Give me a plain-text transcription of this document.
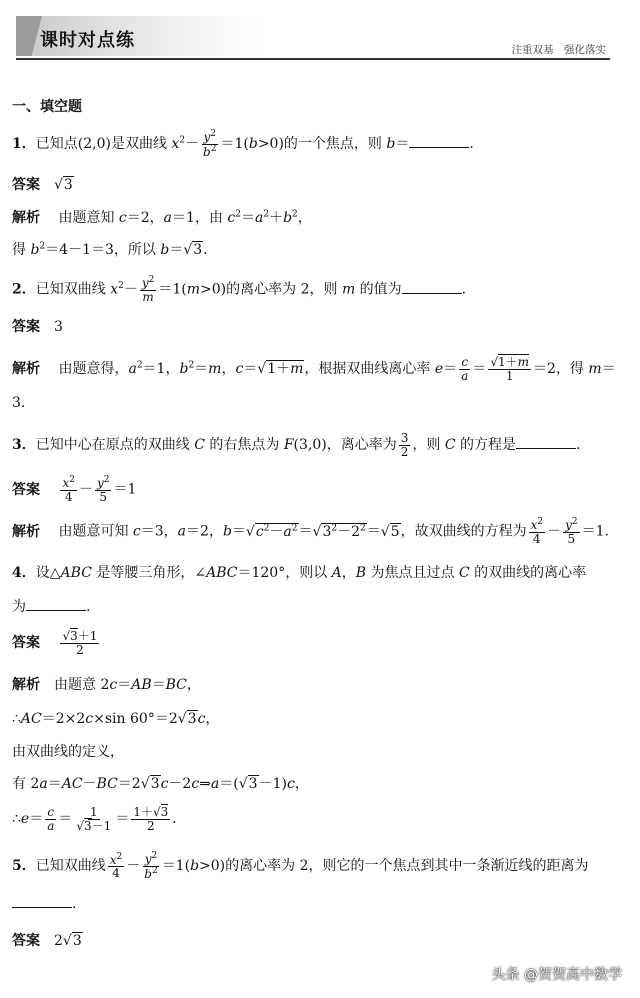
课时对点练	注重双基　强化落实
一、填空题
1．已知点(2,0)是双曲线 $x^2- \frac{y^2}{b^2} =1(b>0)$的一个焦点，则 b＝	.
答案 √3
解析 由题意知 c＝2，a＝1，由 $c^2=a^2+b^2$，
得 $b^2=4-1=3$，所以 b＝√3.
2．已知双曲线 $x^2- \frac{y^2}{m} =1(m>0)$的离心率为 2，则 m 的值为	.
答案 3
解析 由题意得，$a^2=1$，$b^2=m$，c＝√1＋m，根据双曲线离心率 $e= \frac{c}{a} = \frac{√1+m}{1} =2$，得 m＝
3.
3．已知中心在原点的双曲线 C 的右焦点为 F(3,0)，离心率为 $\frac{3}{2}$ ，则 C 的方程是	.
答案 $\frac{x^2}{4} - \frac{y^2}{5} =1$
解析 由题意可知 c＝3，a＝2，$b=√c^2-a^2=√3^2-2^2=√5$，故双曲线的方程为 $\frac{x^2}{4} - \frac{y^2}{5} =1$.
4．设△ABC 是等腰三角形，∠ABC＝120°，则以 A，B 为焦点且过点 C 的双曲线的离心率
为	.
答案 $\frac{√3+1}{2}$
解析 由题意 2c＝AB＝BC，
∴AC＝2×2c×sin 60°＝2√3c，
由双曲线的定义，
有 2a＝AC－BC＝2√3c－2c⇒a＝(√3－1)c，
∴e＝ $\frac{c}{a} = \frac{1}{√3-1} = \frac{1+√3}{2}$ .
5．已知双曲线 $\frac{x^2}{4} - \frac{y^2}{b^2} =1(b>0)$的离心率为 2，则它的一个焦点到其中一条渐近线的距离为
.
答案 2√3
头条 @贺贺高中数学
